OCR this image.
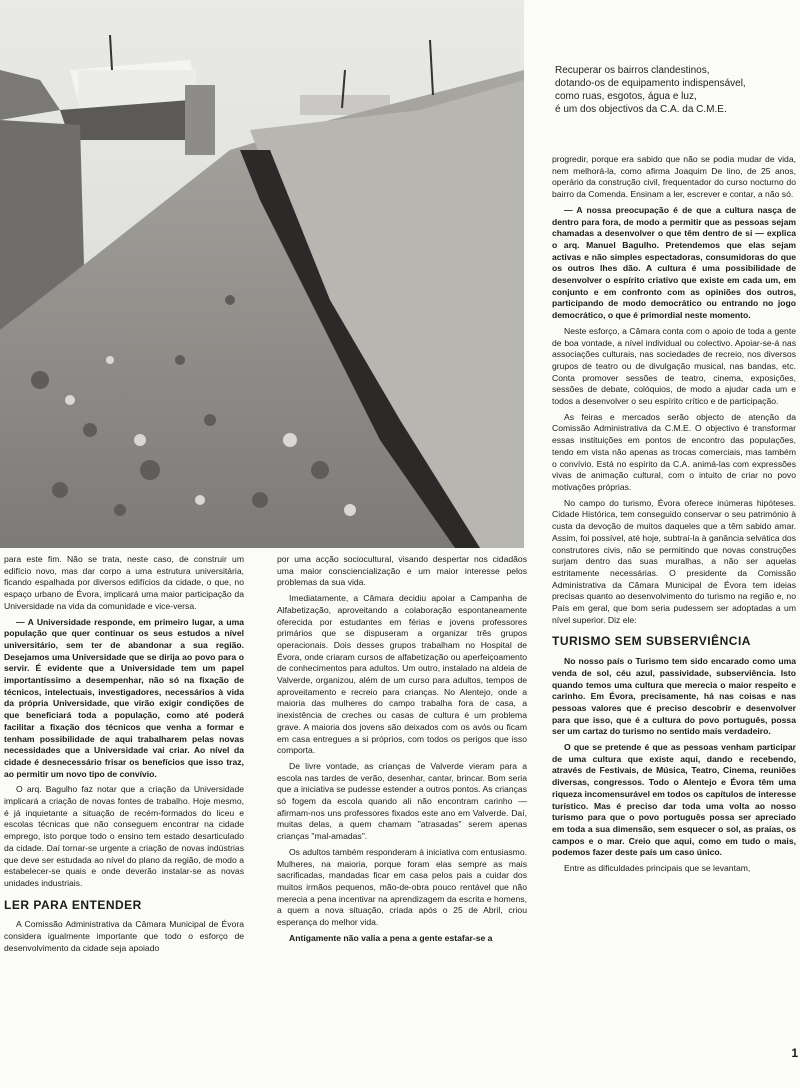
Recuperar os bairros clandestinos,

dotando-os de equipamento indispensável,

como ruas, esgotos, água e luz,

é um dos objectivos da C.A. da C.M.E.

para este fim. Não se trata, neste caso, de construir um edifício novo, mas dar corpo a uma estrutura universitária, ficando espalhada por diversos edifícios da cidade, o que, no espaço urbano de Évora, implicará uma maior participação da Universidade na vida da comunidade e vice-versa.

— A Universidade responde, em primeiro lugar, a uma população que quer continuar os seus estudos a nível universitário, sem ter de abandonar a sua região. Desejamos uma Universidade que se dirija ao povo para o servir. É evidente que a Universidade tem um papel importantíssimo a desempenhar, não só na fixação de técnicos, intelectuais, investigadores, necessários à vida da própria Universidade, que virão exigir condições de que beneficiará toda a população, como até poderá facilitar a fixação dos técnicos que venha a formar e tenham possibilidade de aqui trabalharem pelas novas necessidades que a Universidade vai criar. Ao nível da cidade é desnecessário frisar os benefícios que isso traz, ao permitir um novo tipo de convívio.

O arq. Bagulho faz notar que a criação da Universidade implicará a criação de novas fontes de trabalho. Hoje mesmo, é já inquietante a situação de recém-formados do liceu e escolas técnicas que não conseguem encontrar na cidade emprego, isto porque todo o ensino tem estado desarticulado da cidade. Daí tornar-se urgente a criação de novas indústrias que deve ser estudada ao nível do plano da região, de modo a estabelecer-se quais e onde deverão instalar-se as novas unidades industriais.

LER PARA ENTENDER

A Comissão Administrativa da Câmara Municipal de Évora considera igualmente importante que todo o esforço de desenvolvimento da cidade seja apoiado

por uma acção sociocultural, visando despertar nos cidadãos uma maior consciencialização e um maior interesse pelos problemas da sua vida.

Imediatamente, a Câmara decidiu apoiar a Campanha de Alfabetização, aproveitando a colaboração espontaneamente oferecida por estudantes em férias e jovens professores primários que se dispuseram a organizar três grupos operacionais. Dois desses grupos trabalham no Hospital de Évora, onde criaram cursos de alfabetização ou aperfeiçoamento de conhecimentos para adultos. Um outro, instalado na aldeia de Valverde, organizou, além de um curso para adultos, tempos de aproveitamento e recreio para crianças. No Alentejo, onde a maioria das mulheres do campo trabalha fora de casa, a inexistência de creches ou casas de cultura é um problema grave. A maioria dos jovens são deixados com os avós ou ficam em casa entregues a si próprios, com todos os perigos que isso comporta.

De livre vontade, as crianças de Valverde vieram para a escola nas tardes de verão, desenhar, cantar, brincar. Bom seria que a iniciativa se pudesse estender a outros pontos. As crianças só fogem da escola quando ali não encontram carinho — afirmam-nos uns professores fixados este ano em Valverde. Daí, muitas delas, a quem chamam "atrasadas" serem apenas crianças "mal-amadas".

Os adultos também responderam à iniciativa com entusiasmo. Mulheres, na maioria, porque foram elas sempre as mais sacrificadas, mandadas ficar em casa pelos pais a cuidar dos muitos irmãos pequenos, mão-de-obra pouco rentável que não merecia a pena incentivar na aprendizagem da escrita e homens, a quem a nova situação, criada após o 25 de Abril, criou esperança do melhor vida.

Antigamente não valia a pena a gente estafar-se a

progredir, porque era sabido que não se podia mudar de vida, nem melhorá-la, como afirma Joaquim De lino, de 25 anos, operário da construção civil, frequentador do curso nocturno do bairro da Comenda. Ensinam a ler, escrever e contar, a não só.

— A nossa preocupação é de que a cultura nasça de dentro para fora, de modo a permitir que as pessoas sejam chamadas a desenvolver o que têm dentro de si — explica o arq. Manuel Bagulho. Pretendemos que elas sejam activas e não simples espectadoras, consumidoras do que os outros lhes dão. A cultura é uma possibilidade de desenvolver o espírito criativo que existe em cada um, em conjunto e em confronto com as opiniões dos outros, participando de modo democrático ou entrando no jogo democrático, o que é primordial neste momento.

Neste esforço, a Câmara conta com o apoio de toda a gente de boa vontade, a nível individual ou colectivo. Apoiar-se-á nas associações culturais, nas sociedades de recreio, nos diversos grupos de teatro ou de divulgação musical, nas bandas, etc. Conta promover sessões de teatro, cinema, exposições, sessões de debate, colóquios, de modo a ajudar cada um e todos a desenvolver o seu espírito crítico e de participação.

As feiras e mercados serão objecto de atenção da Comissão Administrativa da C.M.E. O objectivo é transformar essas instituições em pontos de encontro das populações, tendo em vista não apenas as trocas comerciais, mas também o convívio. Está no espírito da C.A. animá-las com expressões vivas de animação cultural, com o intuito de criar no povo motivações próprias.

No campo do turismo, Évora oferece inúmeras hipóteses. Cidade Histórica, tem conseguido conservar o seu património à custa da devoção de muitos daqueles que a têm sabido amar. Assim, foi possível, até hoje, subtraí-la à ganância selvática dos construtores civis, não se permitindo que novas construções surjam dentro das suas muralhas, a não ser aquelas estritamente necessárias. O presidente da Comissão Administrativa da Câmara Municipal de Évora tem ideias precisas quanto ao desenvolvimento do turismo na região e, no País em geral, que bom seria pudessem ser adoptadas a um nível superior. Diz ele:

TURISMO SEM SUBSERVIÊNCIA

No nosso país o Turismo tem sido encarado como uma venda de sol, céu azul, passividade, subserviência. Isto quando temos uma cultura que merecia o maior respeito e carinho. Em Évora, precisamente, há nas coisas e nas pessoas valores que é preciso descobrir e desenvolver para que isso, que é a cultura do povo português, possa ser um cartaz do turismo no sentido mais verdadeiro.

O que se pretende é que as pessoas venham participar de uma cultura que existe aqui, dando e recebendo, através de Festivais, de Música, Teatro, Cinema, reuniões diversas, congressos. Todo o Alentejo e Évora têm uma riqueza incomensurável em todos os capítulos de interesse turístico. Mas é preciso dar toda uma volta ao nosso turismo para que o povo português possa ser apreciado em toda a sua dimensão, sem esquecer o sol, as praias, os campos e o mar. Creio que aqui, como em tudo o mais, podemos fazer deste país um caso único.

Entre as dificuldades principais que se levantam,

1
